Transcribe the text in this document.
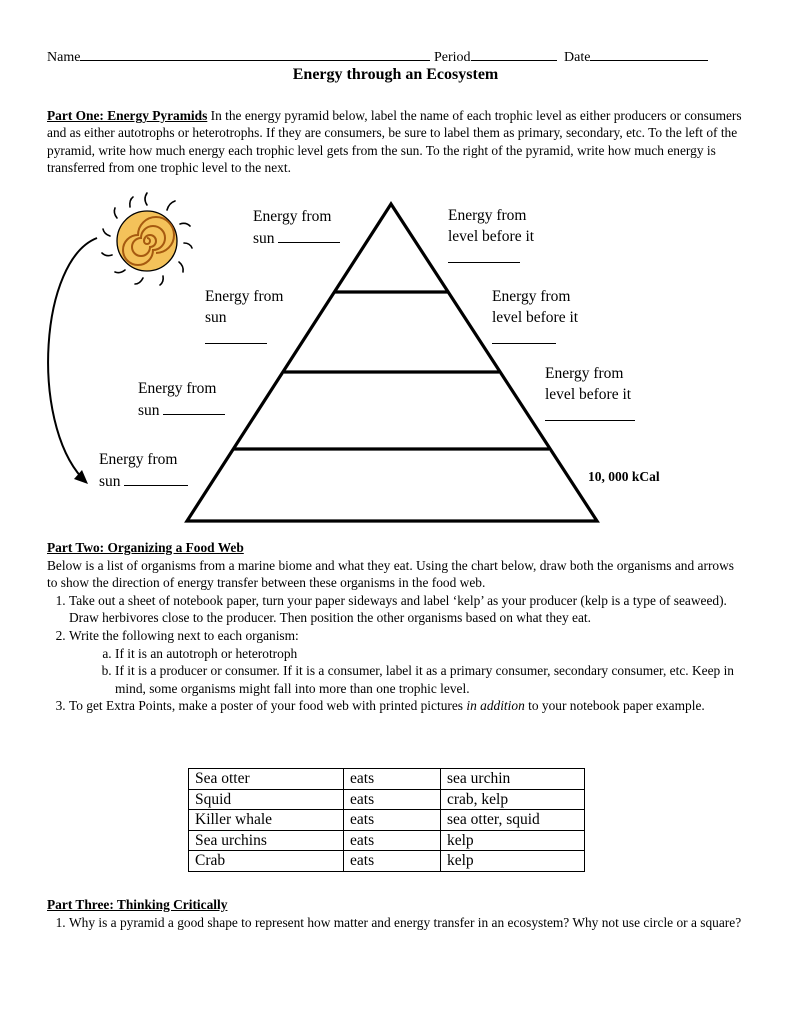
Name	Period	Date
Energy through an Ecosystem
Part One: Energy Pyramids In the energy pyramid below, label the name of each trophic level as either producers or consumers and as either autotrophs or heterotrophs. If they are consumers, be sure to label them as primary, secondary, etc. To the left of the pyramid, write how much energy each trophic level gets from the sun. To the right of the pyramid, write how much energy is transferred from one trophic level to the next.
Energy from
sun
Energy from
sun
Energy from
sun
Energy from
sun
Energy from
level before it
Energy from
level before it
Energy from
level before it
10, 000 kCal
Part Two: Organizing a Food Web
Below is a list of organisms from a marine biome and what they eat. Using the chart below, draw both the organisms and arrows to show the direction of energy transfer between these organisms in the food web.
1. Take out a sheet of notebook paper, turn your paper sideways and label ‘kelp’ as your producer (kelp is a type of seaweed). Draw herbivores close to the producer. Then position the other organisms based on what they eat.
2. Write the following next to each organism:
a. If it is an autotroph or heterotroph
b. If it is a producer or consumer. If it is a consumer, label it as a primary consumer, secondary consumer, etc. Keep in mind, some organisms might fall into more than one trophic level.
3. To get Extra Points, make a poster of your food web with printed pictures in addition to your notebook paper example.
Sea otter	eats	sea urchin
Squid	eats	crab, kelp
Killer whale	eats	sea otter, squid
Sea urchins	eats	kelp
Crab	eats	kelp
Part Three: Thinking Critically
1. Why is a pyramid a good shape to represent how matter and energy transfer in an ecosystem? Why not use circle or a square?
